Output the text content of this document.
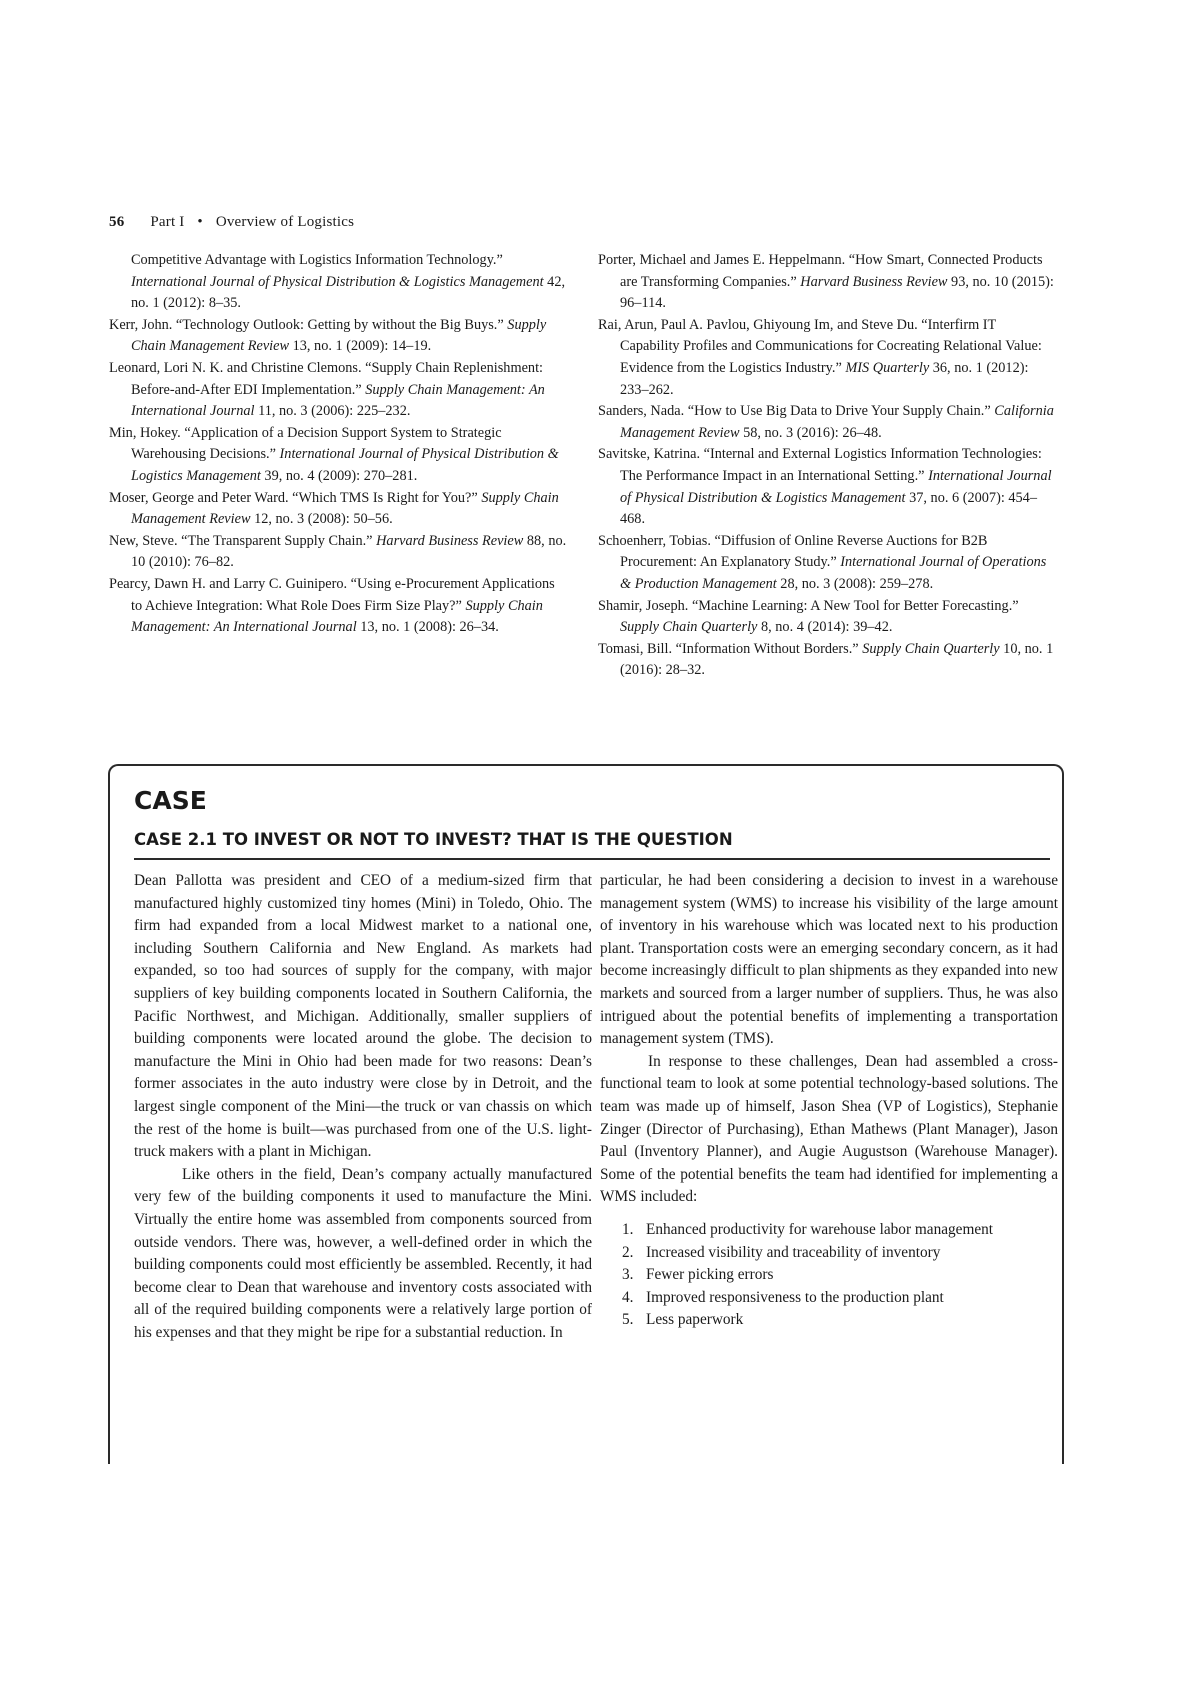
56 Part I • Overview of Logistics

Competitive Advantage with Logistics Information Technology.” International Journal of Physical Distribution & Logistics Management 42, no. 1 (2012): 8–35.

Kerr, John. “Technology Outlook: Getting by without the Big Buys.” Supply Chain Management Review 13, no. 1 (2009): 14–19.

Leonard, Lori N. K. and Christine Clemons. “Supply Chain Replenishment: Before-and-After EDI Implementation.” Supply Chain Management: An International Journal 11, no. 3 (2006): 225–232.

Min, Hokey. “Application of a Decision Support System to Strategic Warehousing Decisions.” International Journal of Physical Distribution & Logistics Management 39, no. 4 (2009): 270–281.

Moser, George and Peter Ward. “Which TMS Is Right for You?” Supply Chain Management Review 12, no. 3 (2008): 50–56.

New, Steve. “The Transparent Supply Chain.” Harvard Business Review 88, no. 10 (2010): 76–82.

Pearcy, Dawn H. and Larry C. Guinipero. “Using e-Procurement Applications to Achieve Integration: What Role Does Firm Size Play?” Supply Chain Management: An International Journal 13, no. 1 (2008): 26–34.

Porter, Michael and James E. Heppelmann. “How Smart, Connected Products are Transforming Companies.” Harvard Business Review 93, no. 10 (2015): 96–114.

Rai, Arun, Paul A. Pavlou, Ghiyoung Im, and Steve Du. “Interfirm IT Capability Profiles and Communications for Cocreating Relational Value: Evidence from the Logistics Industry.” MIS Quarterly 36, no. 1 (2012): 233–262.

Sanders, Nada. “How to Use Big Data to Drive Your Supply Chain.” California Management Review 58, no. 3 (2016): 26–48.

Savitske, Katrina. “Internal and External Logistics Information Technologies: The Performance Impact in an International Setting.” International Journal of Physical Distribution & Logistics Management 37, no. 6 (2007): 454–468.

Schoenherr, Tobias. “Diffusion of Online Reverse Auctions for B2B Procurement: An Explanatory Study.” International Journal of Operations & Production Management 28, no. 3 (2008): 259–278.

Shamir, Joseph. “Machine Learning: A New Tool for Better Forecasting.” Supply Chain Quarterly 8, no. 4 (2014): 39–42.

Tomasi, Bill. “Information Without Borders.” Supply Chain Quarterly 10, no. 1 (2016): 28–32.

CASE
CASE 2.1 TO INVEST OR NOT TO INVEST? THAT IS THE QUESTION

Dean Pallotta was president and CEO of a medium-sized firm that manufactured highly customized tiny homes (Mini) in Toledo, Ohio. The firm had expanded from a local Midwest market to a national one, including Southern California and New England. As markets had expanded, so too had sources of supply for the company, with major suppliers of key building components located in Southern California, the Pacific Northwest, and Michigan. Additionally, smaller suppliers of building components were located around the globe. The decision to manufacture the Mini in Ohio had been made for two reasons: Dean’s former associates in the auto industry were close by in Detroit, and the largest single component of the Mini—the truck or van chassis on which the rest of the home is built—was purchased from one of the U.S. light-truck makers with a plant in Michigan.

Like others in the field, Dean’s company actually manufactured very few of the building components it used to manufacture the Mini. Virtually the entire home was assembled from components sourced from outside vendors. There was, however, a well-defined order in which the building components could most efficiently be assembled. Recently, it had become clear to Dean that warehouse and inventory costs associated with all of the required building components were a relatively large portion of his expenses and that they might be ripe for a substantial reduction. In

particular, he had been considering a decision to invest in a warehouse management system (WMS) to increase his visibility of the large amount of inventory in his warehouse which was located next to his production plant. Transportation costs were an emerging secondary concern, as it had become increasingly difficult to plan shipments as they expanded into new markets and sourced from a larger number of suppliers. Thus, he was also intrigued about the potential benefits of implementing a transportation management system (TMS).

In response to these challenges, Dean had assembled a cross-functional team to look at some potential technology-based solutions. The team was made up of himself, Jason Shea (VP of Logistics), Stephanie Zinger (Director of Purchasing), Ethan Mathews (Plant Manager), Jason Paul (Inventory Planner), and Augie Augustson (Warehouse Manager). Some of the potential benefits the team had identified for implementing a WMS included:

1. Enhanced productivity for warehouse labor management
2. Increased visibility and traceability of inventory
3. Fewer picking errors
4. Improved responsiveness to the production plant
5. Less paperwork
